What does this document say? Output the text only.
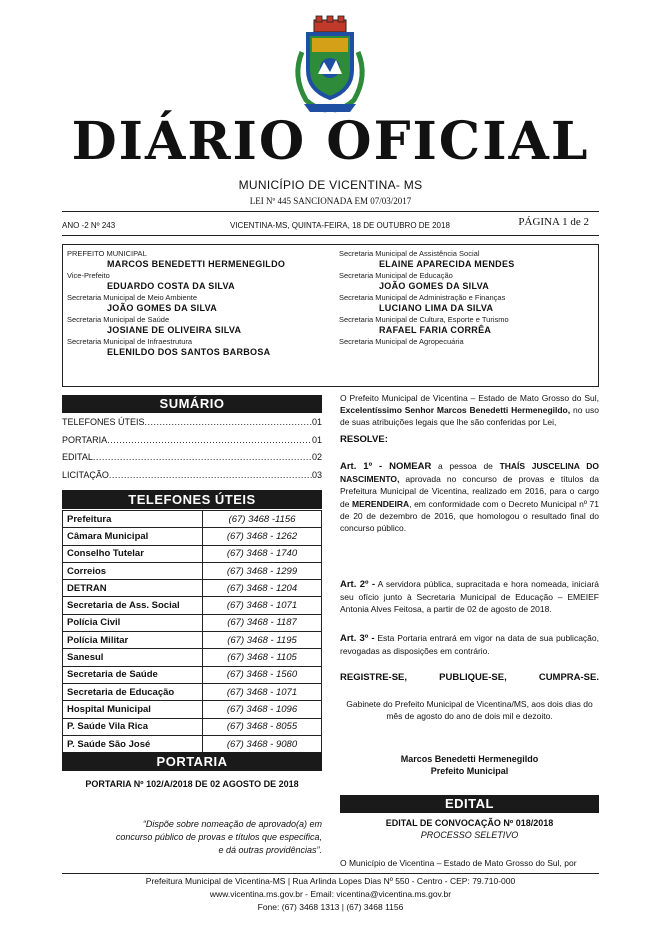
DIÁRIO OFICIAL
MUNICÍPIO DE VICENTINA- MS
LEI Nº 445 SANCIONADA EM 07/03/2017
ANO -2 Nº 243	VICENTINA-MS, QUINTA-FEIRA, 18 DE OUTUBRO DE 2018	PÁGINA 1 de 2
PREFEITO MUNICIPAL
MARCOS BENEDETTI HERMENEGILDO
Vice-Prefeito
EDUARDO COSTA DA SILVA
Secretaria Municipal de Meio Ambiente
JOÃO GOMES DA SILVA
Secretaria Municipal de Saúde
JOSIANE DE OLIVEIRA SILVA
Secretaria Municipal de Infraestrutura
ELENILDO DOS SANTOS BARBOSA
Secretaria Municipal de Assistência Social
ELAINE APARECIDA MENDES
Secretaria Municipal de Educação
JOÃO GOMES DA SILVA
Secretaria Municipal de Administração e Finanças
LUCIANO LIMA DA SILVA
Secretaria Municipal de Cultura, Esporte e Turismo
RAFAEL FARIA CORRÊA
Secretaria Municipal de Agropecuária
SUMÁRIO
TELEFONES ÚTEIS .....	01
PORTARIA .....	01
EDITAL .....	02
LICITAÇÃO .....	03
TELEFONES ÚTEIS
Prefeitura	(67) 3468 -1156
Câmara Municipal	(67) 3468 - 1262
Conselho Tutelar	(67) 3468 - 1740
Correios	(67) 3468 - 1299
DETRAN	(67) 3468 - 1204
Secretaria de Ass. Social	(67) 3468 - 1071
Polícia Civil	(67) 3468 - 1187
Polícia Militar	(67) 3468 - 1195
Sanesul	(67) 3468 - 1105
Secretaria de Saúde	(67) 3468 - 1560
Secretaria de Educação	(67) 3468 - 1071
Hospital Municipal	(67) 3468 - 1096
P. Saúde Vila Rica	(67) 3468 - 8055
P. Saúde São José	(67) 3468 - 9080
PORTARIA
PORTARIA Nº 102/A/2018 DE 02 AGOSTO DE 2018
“Dispõe sobre nomeação de aprovado(a) em concurso público de provas e títulos que especifica, e dá outras providências”.
O Prefeito Municipal de Vicentina – Estado de Mato Grosso do Sul, Excelentíssimo Senhor Marcos Benedetti Hermenegildo, no uso de suas atribuições legais que lhe são conferidas por Lei,
RESOLVE:
Art. 1º - NOMEAR a pessoa de THAÍS JUSCELINA DO NASCIMENTO, aprovada no concurso de provas e títulos da Prefeitura Municipal de Vicentina, realizado em 2016, para o cargo de MERENDEIRA, em conformidade com o Decreto Municipal nº 71 de 20 de dezembro de 2016, que homologou o resultado final do concurso público.
Art. 2º - A servidora pública, supracitada e hora nomeada, iniciará seu ofício junto à Secretaria Municipal de Educação – EMEIEF Antonia Alves Feitosa, a partir de 02 de agosto de 2018.
Art. 3º - Esta Portaria entrará em vigor na data de sua publicação, revogadas as disposições em contrário.
REGISTRE-SE,	PUBLIQUE-SE,	CUMPRA-SE.
Gabinete do Prefeito Municipal de Vicentina/MS, aos dois dias do mês de agosto do ano de dois mil e dezoito.
Marcos Benedetti Hermenegildo
Prefeito Municipal
EDITAL
EDITAL DE CONVOCAÇÃO Nº 018/2018
PROCESSO SELETIVO
O Município de Vicentina – Estado de Mato Grosso do Sul, por
Prefeitura Municipal de Vicentina-MS | Rua Arlinda Lopes Dias Nº 550 - Centro - CEP: 79.710-000
www.vicentina.ms.gov.br - Email: vicentina@vicentina.ms.gov.br
Fone: (67) 3468 1313 | (67) 3468 1156
